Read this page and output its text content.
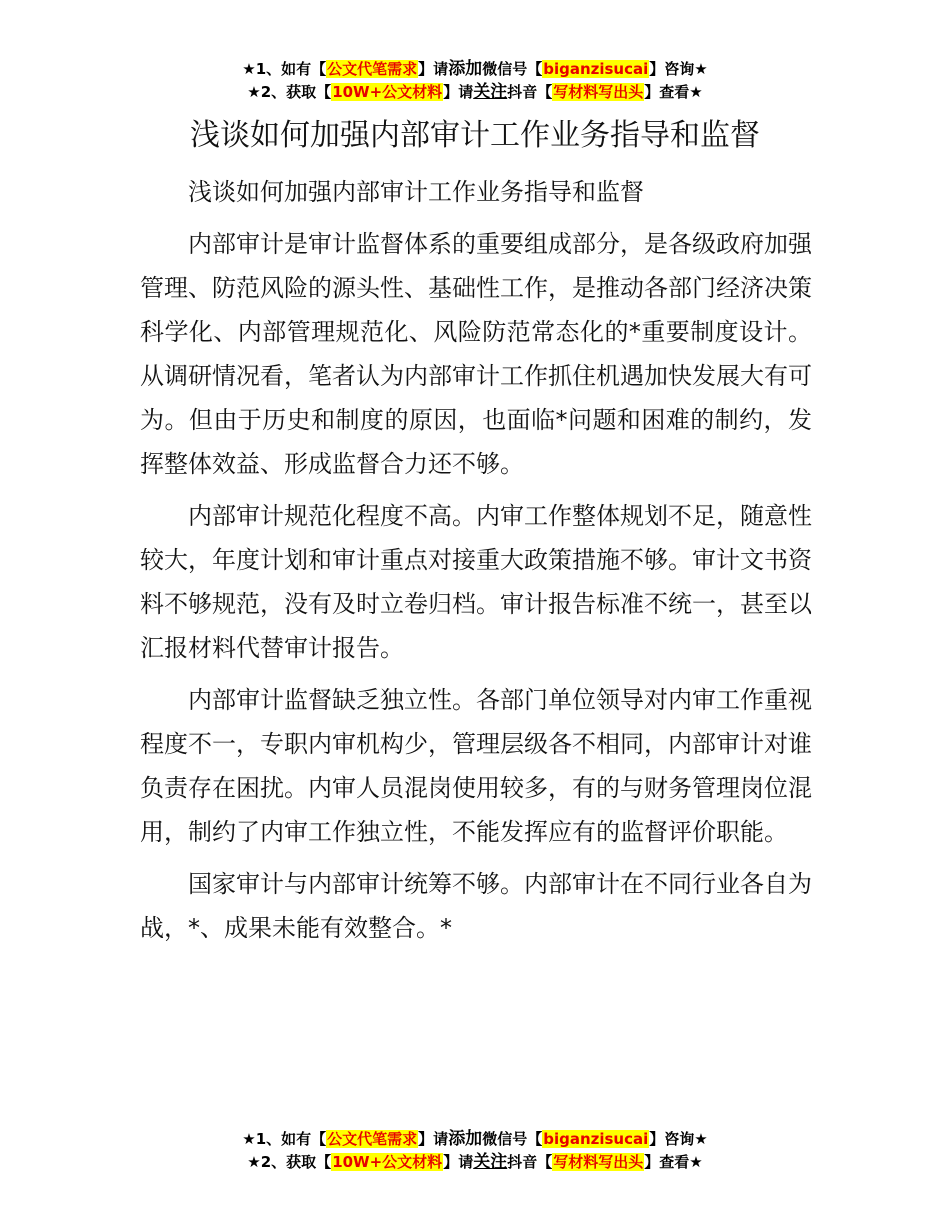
★1、如有【公文代笔需求】请添加微信号【biganzisucai】咨询★
★2、获取【10W+公文材料】请关注抖音【写材料写出头】查看★
浅谈如何加强内部审计工作业务指导和监督

浅谈如何加强内部审计工作业务指导和监督

内部审计是审计监督体系的重要组成部分，是各级政府加强管理、防范风险的源头性、基础性工作，是推动各部门经济决策科学化、内部管理规范化、风险防范常态化的*重要制度设计。从调研情况看，笔者认为内部审计工作抓住机遇加快发展大有可为。但由于历史和制度的原因，也面临*问题和困难的制约，发挥整体效益、形成监督合力还不够。

内部审计规范化程度不高。内审工作整体规划不足，随意性较大，年度计划和审计重点对接重大政策措施不够。审计文书资料不够规范，没有及时立卷归档。审计报告标准不统一，甚至以汇报材料代替审计报告。

内部审计监督缺乏独立性。各部门单位领导对内审工作重视程度不一，专职内审机构少，管理层级各不相同，内部审计对谁负责存在困扰。内审人员混岗使用较多，有的与财务管理岗位混用，制约了内审工作独立性，不能发挥应有的监督评价职能。

国家审计与内部审计统筹不够。内部审计在不同行业各自为战，*、成果未能有效整合。*

★1、如有【公文代笔需求】请添加微信号【biganzisucai】咨询★
★2、获取【10W+公文材料】请关注抖音【写材料写出头】查看★
